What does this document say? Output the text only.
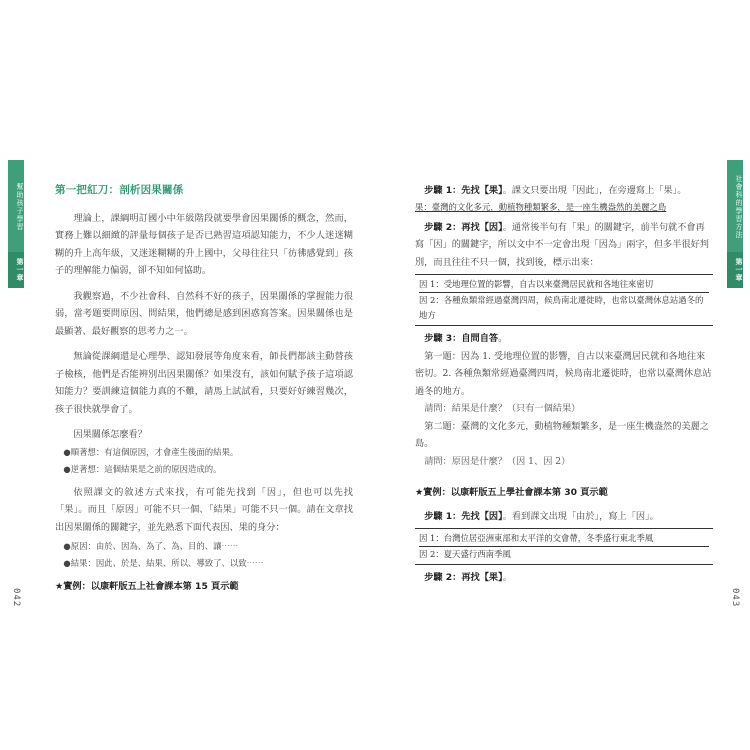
幫助孩子學習
第一章
042
第一把紅刀：剖析因果關係

理論上，課綱明訂國小中年級階段就要學會因果關係的概念，然而，實務上難以細緻的評量每個孩子是否已熟習這項認知能力，不少人迷迷糊糊的升上高年級，又迷迷糊糊的升上國中，父母往往只「彷彿感覺到」孩子的理解能力偏弱，卻不知如何協助。

我觀察過，不少社會科、自然科不好的孩子，因果關係的掌握能力很弱，當考題要問原因、問結果，他們總是感到困惑寫答案。因果關係也是最顯著、最好觀察的思考力之一。

無論從課綱還是心理學、認知發展等角度來看，師長們都該主動替孩子檢核，他們是否能辨別出因果關係？如果沒有，該如何賦予孩子這項認知能力？要訓練這個能力真的不難，請馬上試試看，只要好好練習幾次，孩子很快就學會了。

因果關係怎麼看？
●順著想：有這個原因，才會產生後面的結果。
●逆著想：這個結果是之前的原因造成的。

依照課文的敘述方式來找，有可能先找到「因」，但也可以先找「果」。而且「原因」可能不只一個、「結果」可能不只一個。請在文章找出因果關係的關鍵字，並先熟悉下面代表因、果的身分：

●原因：由於、因為、為了、為、目的、讓⋯⋯
●結果：因此、於是、結果、所以、導致了、以致⋯⋯
★實例：以康軒版五上社會課本第 15 頁示範
社會科的學習方法
第一章
043
步驟 1：先找【果】。課文只要出現「因此」，在旁邊寫上「果」。
果：臺灣的文化多元，動植物種類繁多，是一座生機盎然的美麗之島
步驟 2：再找【因】。通常後半句有「果」的關鍵字，前半句就不會再寫「因」的關鍵字，所以文中不一定會出現「因為」兩字，但多半很好判別，而且往往不只一個，找到後，標示出來：
因 1：受地理位置的影響，自古以來臺灣居民就和各地往來密切
因 2：各種魚類常經過臺灣四周，候鳥南北遷徙時，也常以臺灣休息站過冬的地方
步驟 3：自問自答。
第一題：因為 1. 受地理位置的影響，自古以來臺灣居民就和各地往來密切。2. 各種魚類常經過臺灣四周，候鳥南北遷徙時，也常以臺灣休息站過冬的地方。
請問：結果是什麼？（只有一個結果）
第二題：臺灣的文化多元，動植物種類繁多，是一座生機盎然的美麗之島。
請問：原因是什麼？（因 1、因 2）
★實例：以康軒版五上學社會課本第 30 頁示範
步驟 1：先找【因】。看到課文出現「由於」，寫上「因」。
因 1：台灣位居亞洲東部和太平洋的交會帶，冬季盛行東北季風
因 2：夏天盛行西南季風
步驟 2：再找【果】。
